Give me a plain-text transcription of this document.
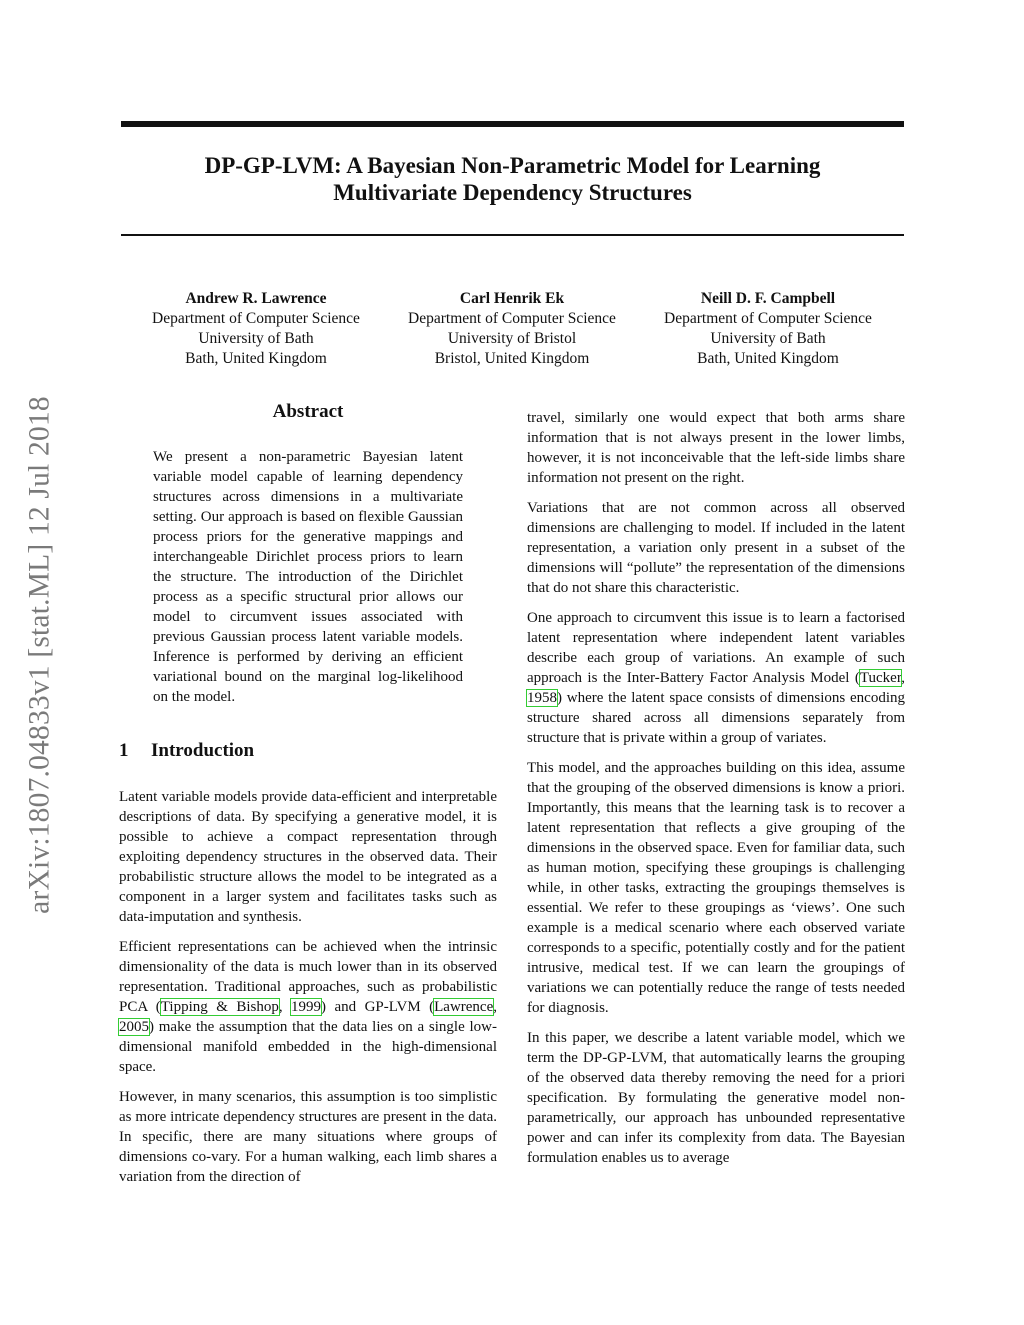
arXiv:1807.04833v1 [stat.ML] 12 Jul 2018
DP-GP-LVM: A Bayesian Non-Parametric Model for Learning
Multivariate Dependency Structures
Andrew R. Lawrence
Department of Computer Science
University of Bath
Bath, United Kingdom
Carl Henrik Ek
Department of Computer Science
University of Bristol
Bristol, United Kingdom
Neill D. F. Campbell
Department of Computer Science
University of Bath
Bath, United Kingdom
Abstract

We present a non-parametric Bayesian latent variable model capable of learning dependency structures across dimensions in a multivariate setting. Our approach is based on flexible Gaussian process priors for the generative mappings and interchangeable Dirichlet process priors to learn the structure. The introduction of the Dirichlet process as a specific structural prior allows our model to circumvent issues associated with previous Gaussian process latent variable models. Inference is performed by deriving an efficient variational bound on the marginal log-likelihood on the model.

1 Introduction

Latent variable models provide data-efficient and interpretable descriptions of data. By specifying a generative model, it is possible to achieve a compact representation through exploiting dependency structures in the observed data. Their probabilistic structure allows the model to be integrated as a component in a larger system and facilitates tasks such as data-imputation and synthesis.

Efficient representations can be achieved when the intrinsic dimensionality of the data is much lower than in its observed representation. Traditional approaches, such as probabilistic PCA (Tipping & Bishop, 1999) and GP-LVM (Lawrence, 2005) make the assumption that the data lies on a single low-dimensional manifold embedded in the high-dimensional space.

However, in many scenarios, this assumption is too simplistic as more intricate dependency structures are present in the data. In specific, there are many situations where groups of dimensions co-vary. For a human walking, each limb shares a variation from the direction of

travel, similarly one would expect that both arms share information that is not always present in the lower limbs, however, it is not inconceivable that the left-side limbs share information not present on the right.

Variations that are not common across all observed dimensions are challenging to model. If included in the latent representation, a variation only present in a subset of the dimensions will “pollute” the representation of the dimensions that do not share this characteristic.

One approach to circumvent this issue is to learn a factorised latent representation where independent latent variables describe each group of variations. An example of such approach is the Inter-Battery Factor Analysis Model (Tucker, 1958) where the latent space consists of dimensions encoding structure shared across all dimensions separately from structure that is private within a group of variates.

This model, and the approaches building on this idea, assume that the grouping of the observed dimensions is know a priori. Importantly, this means that the learning task is to recover a latent representation that reflects a give grouping of the dimensions in the observed space. Even for familiar data, such as human motion, specifying these groupings is challenging while, in other tasks, extracting the groupings themselves is essential. We refer to these groupings as ‘views’. One such example is a medical scenario where each observed variate corresponds to a specific, potentially costly and for the patient intrusive, medical test. If we can learn the groupings of variations we can potentially reduce the range of tests needed for diagnosis.

In this paper, we describe a latent variable model, which we term the DP-GP-LVM, that automatically learns the grouping of the observed data thereby removing the need for a priori specification. By formulating the generative model non-parametrically, our approach has unbounded representative power and can infer its complexity from data. The Bayesian formulation enables us to average
